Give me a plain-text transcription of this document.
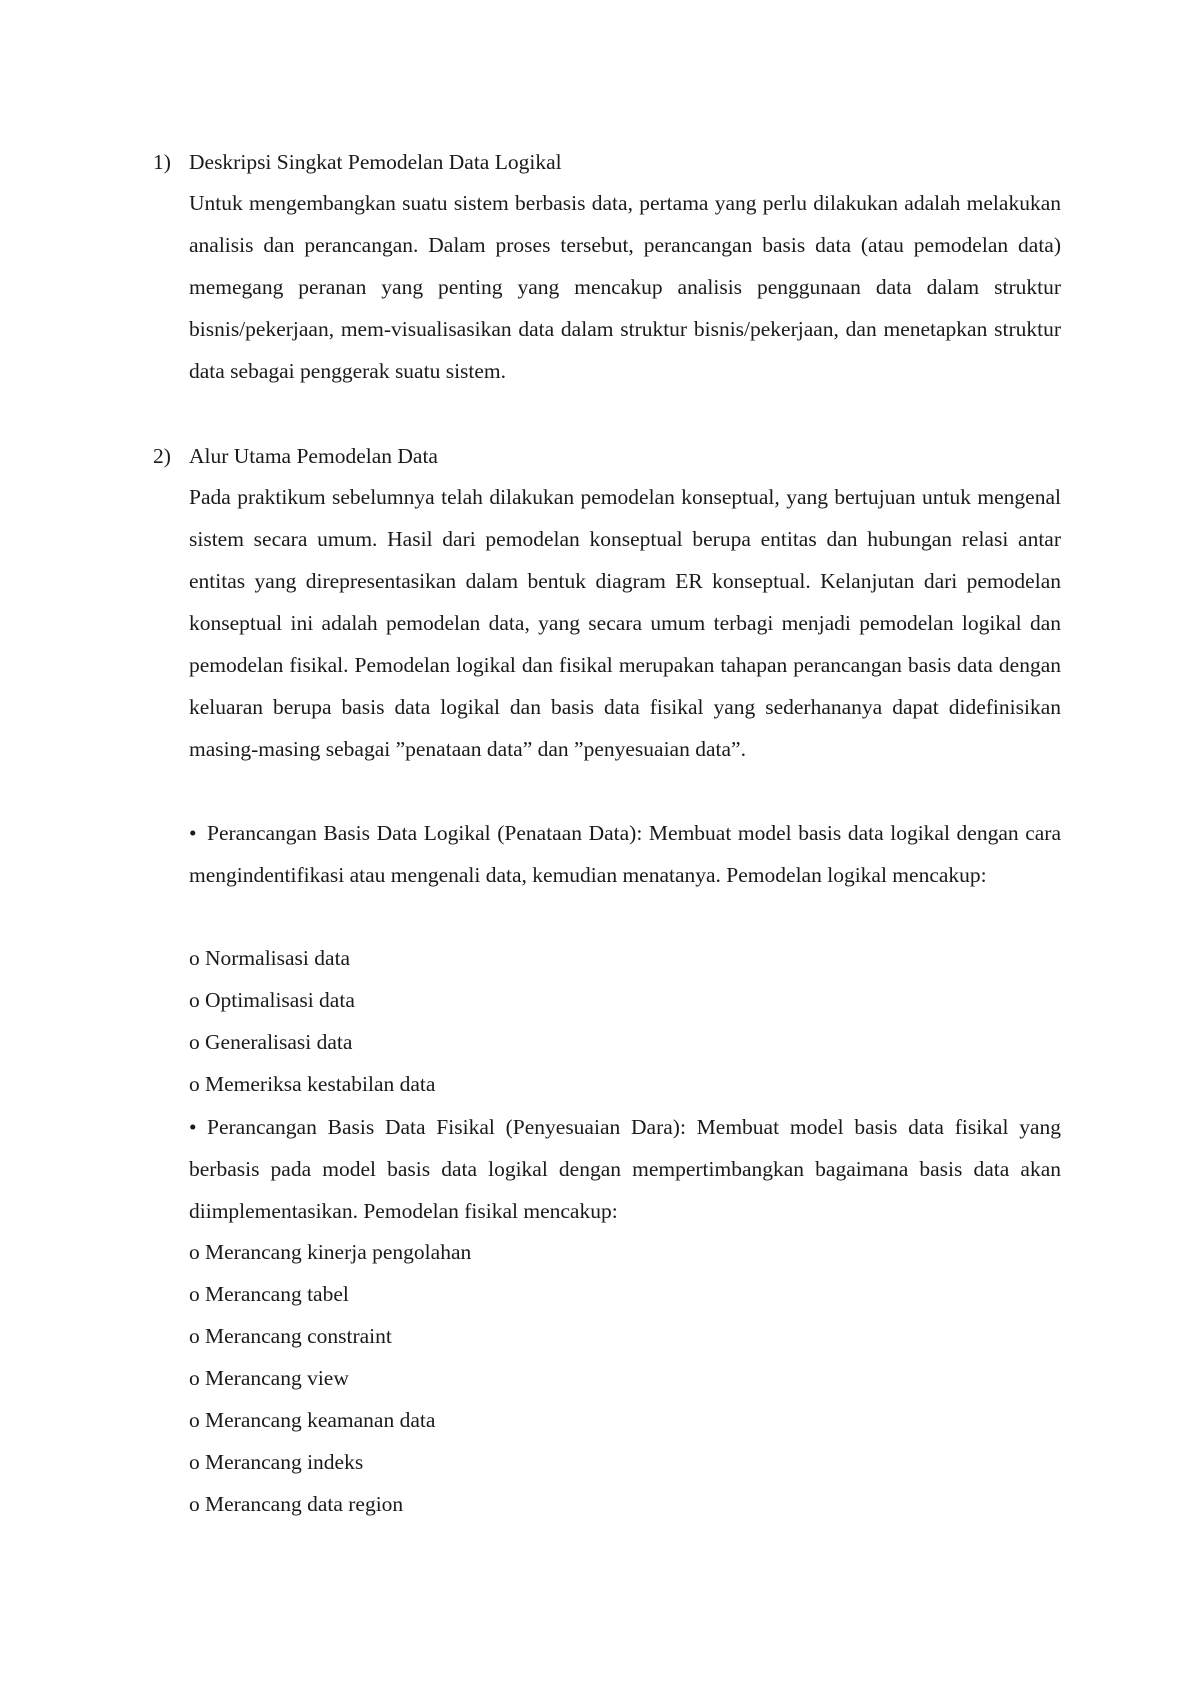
1) Deskripsi Singkat Pemodelan Data Logikal

Untuk mengembangkan suatu sistem berbasis data, pertama yang perlu dilakukan adalah melakukan analisis dan perancangan. Dalam proses tersebut, perancangan basis data (atau pemodelan data) memegang peranan yang penting yang mencakup analisis penggunaan data dalam struktur bisnis/pekerjaan, mem-visualisasikan data dalam struktur bisnis/pekerjaan, dan menetapkan struktur data sebagai penggerak suatu sistem.

2) Alur Utama Pemodelan Data

Pada praktikum sebelumnya telah dilakukan pemodelan konseptual, yang bertujuan untuk mengenal sistem secara umum. Hasil dari pemodelan konseptual berupa entitas dan hubungan relasi antar entitas yang direpresentasikan dalam bentuk diagram ER konseptual. Kelanjutan dari pemodelan konseptual ini adalah pemodelan data, yang secara umum terbagi menjadi pemodelan logikal dan pemodelan fisikal. Pemodelan logikal dan fisikal merupakan tahapan perancangan basis data dengan keluaran berupa basis data logikal dan basis data fisikal yang sederhananya dapat didefinisikan masing-masing sebagai ”penataan data” dan ”penyesuaian data”.

• Perancangan Basis Data Logikal (Penataan Data): Membuat model basis data logikal dengan cara mengindentifikasi atau mengenali data, kemudian menatanya. Pemodelan logikal mencakup:

o Normalisasi data
o Optimalisasi data
o Generalisasi data
o Memeriksa kestabilan data

• Perancangan Basis Data Fisikal (Penyesuaian Dara): Membuat model basis data fisikal yang berbasis pada model basis data logikal dengan mempertimbangkan bagaimana basis data akan diimplementasikan. Pemodelan fisikal mencakup:

o Merancang kinerja pengolahan
o Merancang tabel
o Merancang constraint
o Merancang view
o Merancang keamanan data
o Merancang indeks
o Merancang data region
